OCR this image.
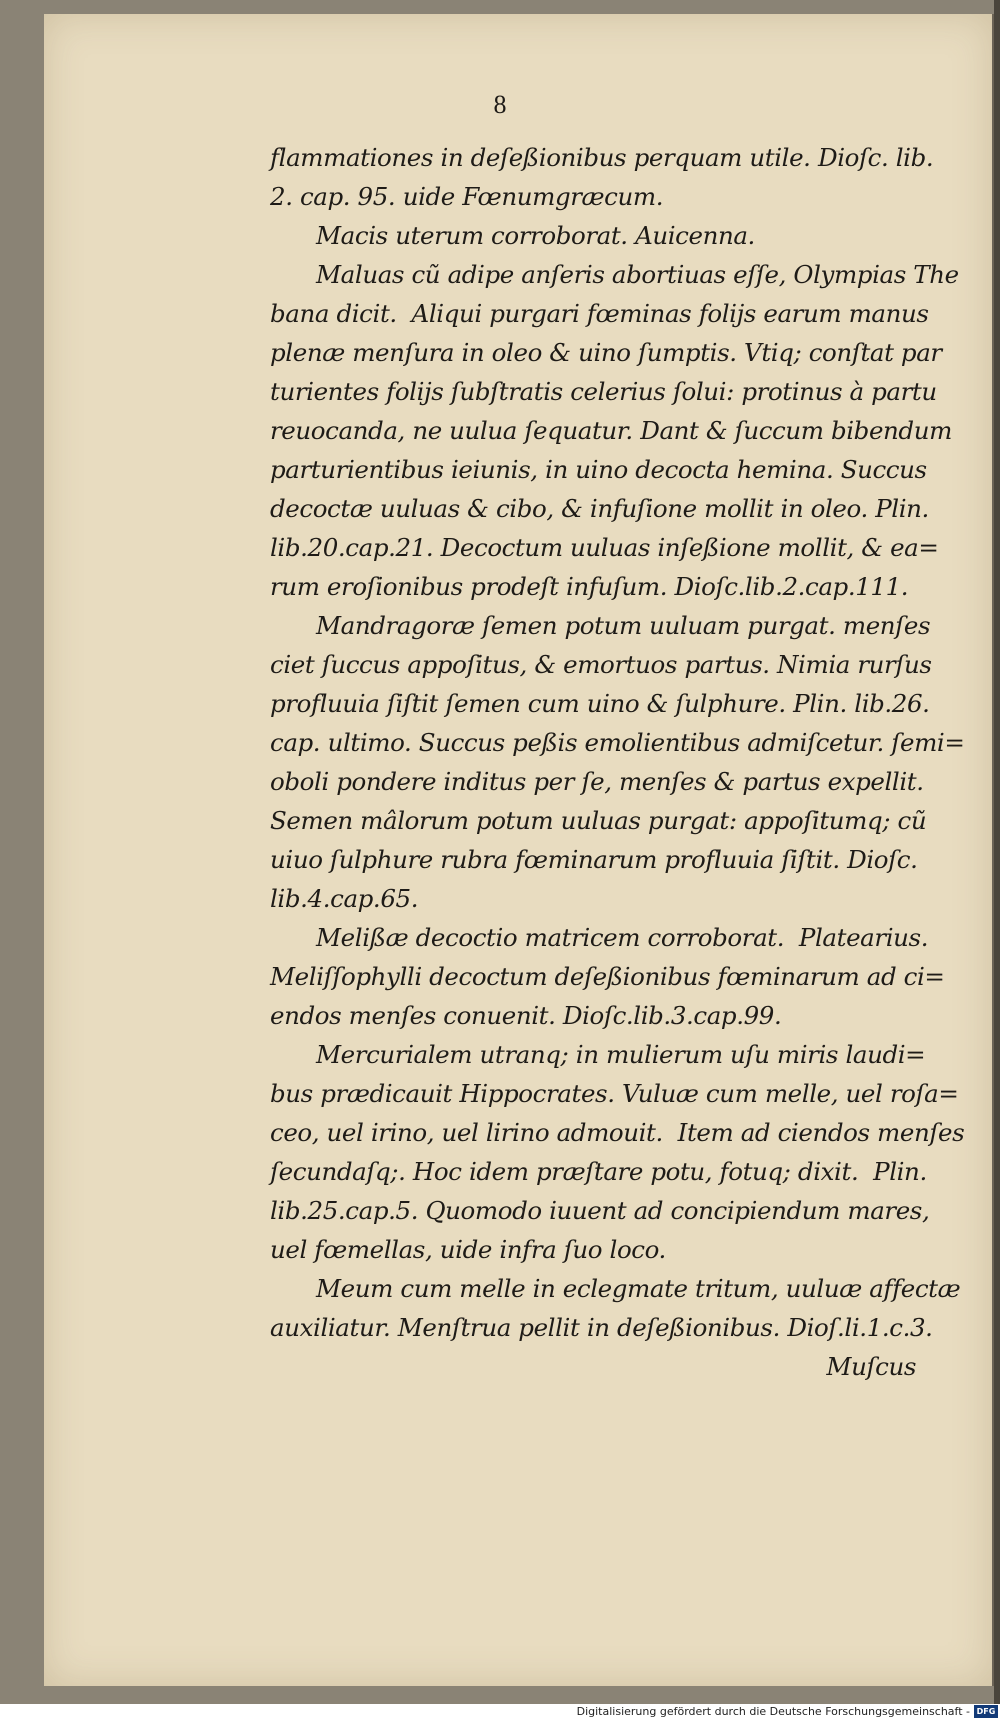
8
flammationes in deſeßionibus perquam utile. Dioſc. lib.
2. cap. 95. uide Fœnumgræcum.
Macis uterum corroborat. Auicenna.
Maluas cũ adipe anſeris abortiuas eſſe, Olympias The
bana dicit.  Aliqui purgari fœminas folijs earum manus
plenæ menſura in oleo & uino ſumptis. Vtiq; conſtat par
turientes folijs ſubſtratis celerius ſolui: protinus à partu
reuocanda, ne uulua ſequatur. Dant & ſuccum bibendum
parturientibus ieiunis, in uino decocta hemina. Succus
decoctæ uuluas & cibo, & infuſione mollit in oleo. Plin.
lib.20.cap.21. Decoctum uuluas inſeßione mollit, & ea=
rum eroſionibus prodeſt infuſum. Dioſc.lib.2.cap.111.
Mandragoræ ſemen potum uuluam purgat. menſes
ciet ſuccus appoſitus, & emortuos partus. Nimia rurſus
profluuia ſiſtit ſemen cum uino & ſulphure. Plin. lib.26.
cap. ultimo. Succus peßis emolientibus admiſcetur. ſemi=
oboli pondere inditus per ſe, menſes & partus expellit.
Semen mâlorum potum uuluas purgat: appoſitumq; cũ
uiuo ſulphure rubra fœminarum profluuia ſiſtit. Dioſc.
lib.4.cap.65.
Melißæ decoctio matricem corroborat.  Platearius.
Meliſſophylli decoctum deſeßionibus fœminarum ad ci=
endos menſes conuenit. Dioſc.lib.3.cap.99.
Mercurialem utranq; in mulierum uſu miris laudi=
bus prædicauit Hippocrates. Vuluæ cum melle, uel roſa=
ceo, uel irino, uel lirino admouit.  Item ad ciendos menſes
ſecundaſq;. Hoc idem præſtare potu, fotuq; dixit.  Plin.
lib.25.cap.5. Quomodo iuuent ad concipiendum mares,
uel fœmellas, uide infra ſuo loco.
Meum cum melle in eclegmate tritum, uuluæ affectæ
auxiliatur. Menſtrua pellit in deſeßionibus. Dioſ.li.1.c.3.
Muſcus
Digitalisierung gefördert durch die Deutsche Forschungsgemeinschaft - DFG
